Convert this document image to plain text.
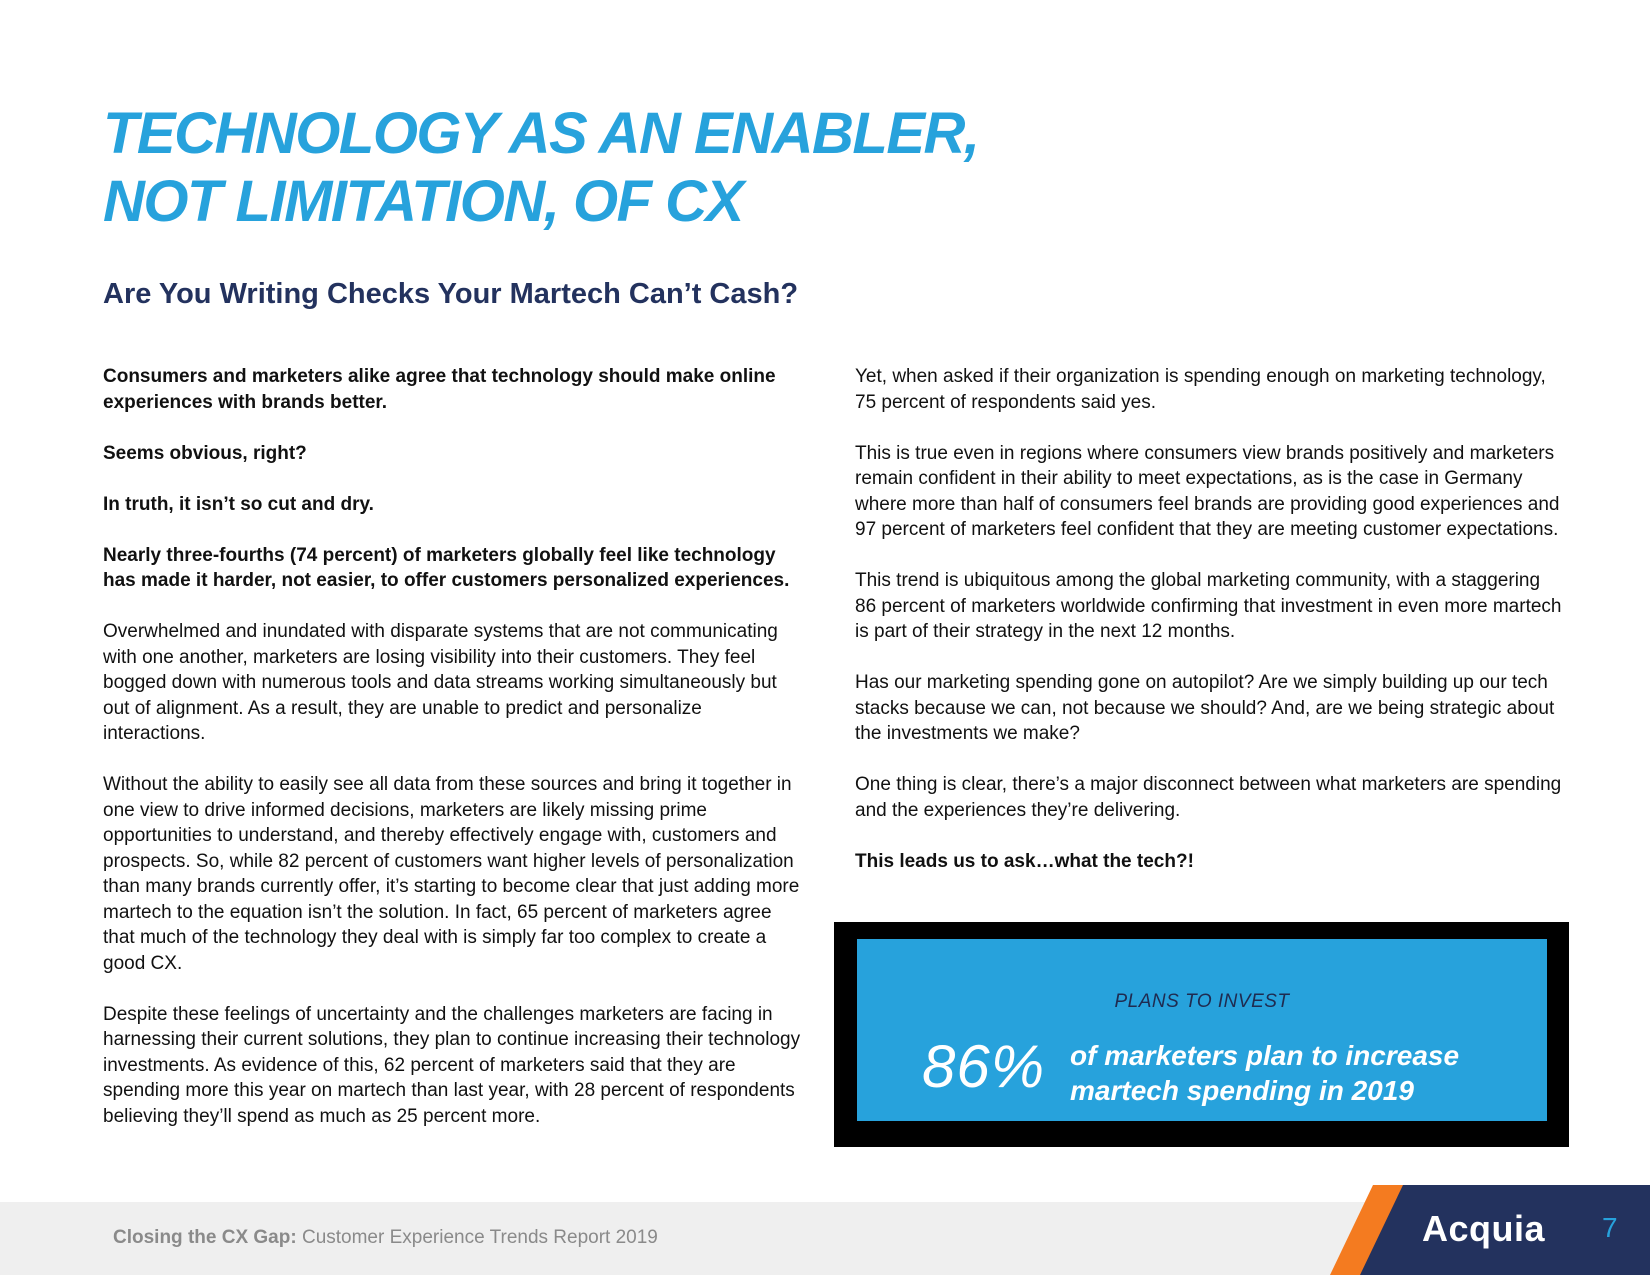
TECHNOLOGY AS AN ENABLER,
NOT LIMITATION, OF CX
Are You Writing Checks Your Martech Can’t Cash?

Consumers and marketers alike agree that technology should make online experiences with brands better.

Seems obvious, right?

In truth, it isn’t so cut and dry.

Nearly three-fourths (74 percent) of marketers globally feel like technology has made it harder, not easier, to offer customers personalized experiences.

Overwhelmed and inundated with disparate systems that are not communicating with one another, marketers are losing visibility into their customers. They feel bogged down with numerous tools and data streams working simultaneously but out of alignment. As a result, they are unable to predict and personalize interactions.

Without the ability to easily see all data from these sources and bring it together in one view to drive informed decisions, marketers are likely missing prime opportunities to understand, and thereby effectively engage with, customers and prospects. So, while 82 percent of customers want higher levels of personalization than many brands currently offer, it’s starting to become clear that just adding more martech to the equation isn’t the solution. In fact, 65 percent of marketers agree that much of the technology they deal with is simply far too complex to create a good CX.

Despite these feelings of uncertainty and the challenges marketers are facing in harnessing their current solutions, they plan to continue increasing their technology investments. As evidence of this, 62 percent of marketers said that they are spending more this year on martech than last year, with 28 percent of respondents believing they’ll spend as much as 25 percent more.

Yet, when asked if their organization is spending enough on marketing technology, 75 percent of respondents said yes.

This is true even in regions where consumers view brands positively and marketers remain confident in their ability to meet expectations, as is the case in Germany where more than half of consumers feel brands are providing good experiences and 97 percent of marketers feel confident that they are meeting customer expectations.

This trend is ubiquitous among the global marketing community, with a staggering 86 percent of marketers worldwide confirming that investment in even more martech is part of their strategy in the next 12 months.

Has our marketing spending gone on autopilot? Are we simply building up our tech stacks because we can, not because we should? And, are we being strategic about the investments we make?

One thing is clear, there’s a major disconnect between what marketers are spending and the experiences they’re delivering.

This leads us to ask…what the tech?!

PLANS TO INVEST
86% of marketers plan to increase
martech spending in 2019
Closing the CX Gap: Customer Experience Trends Report 2019	Acquia 7
